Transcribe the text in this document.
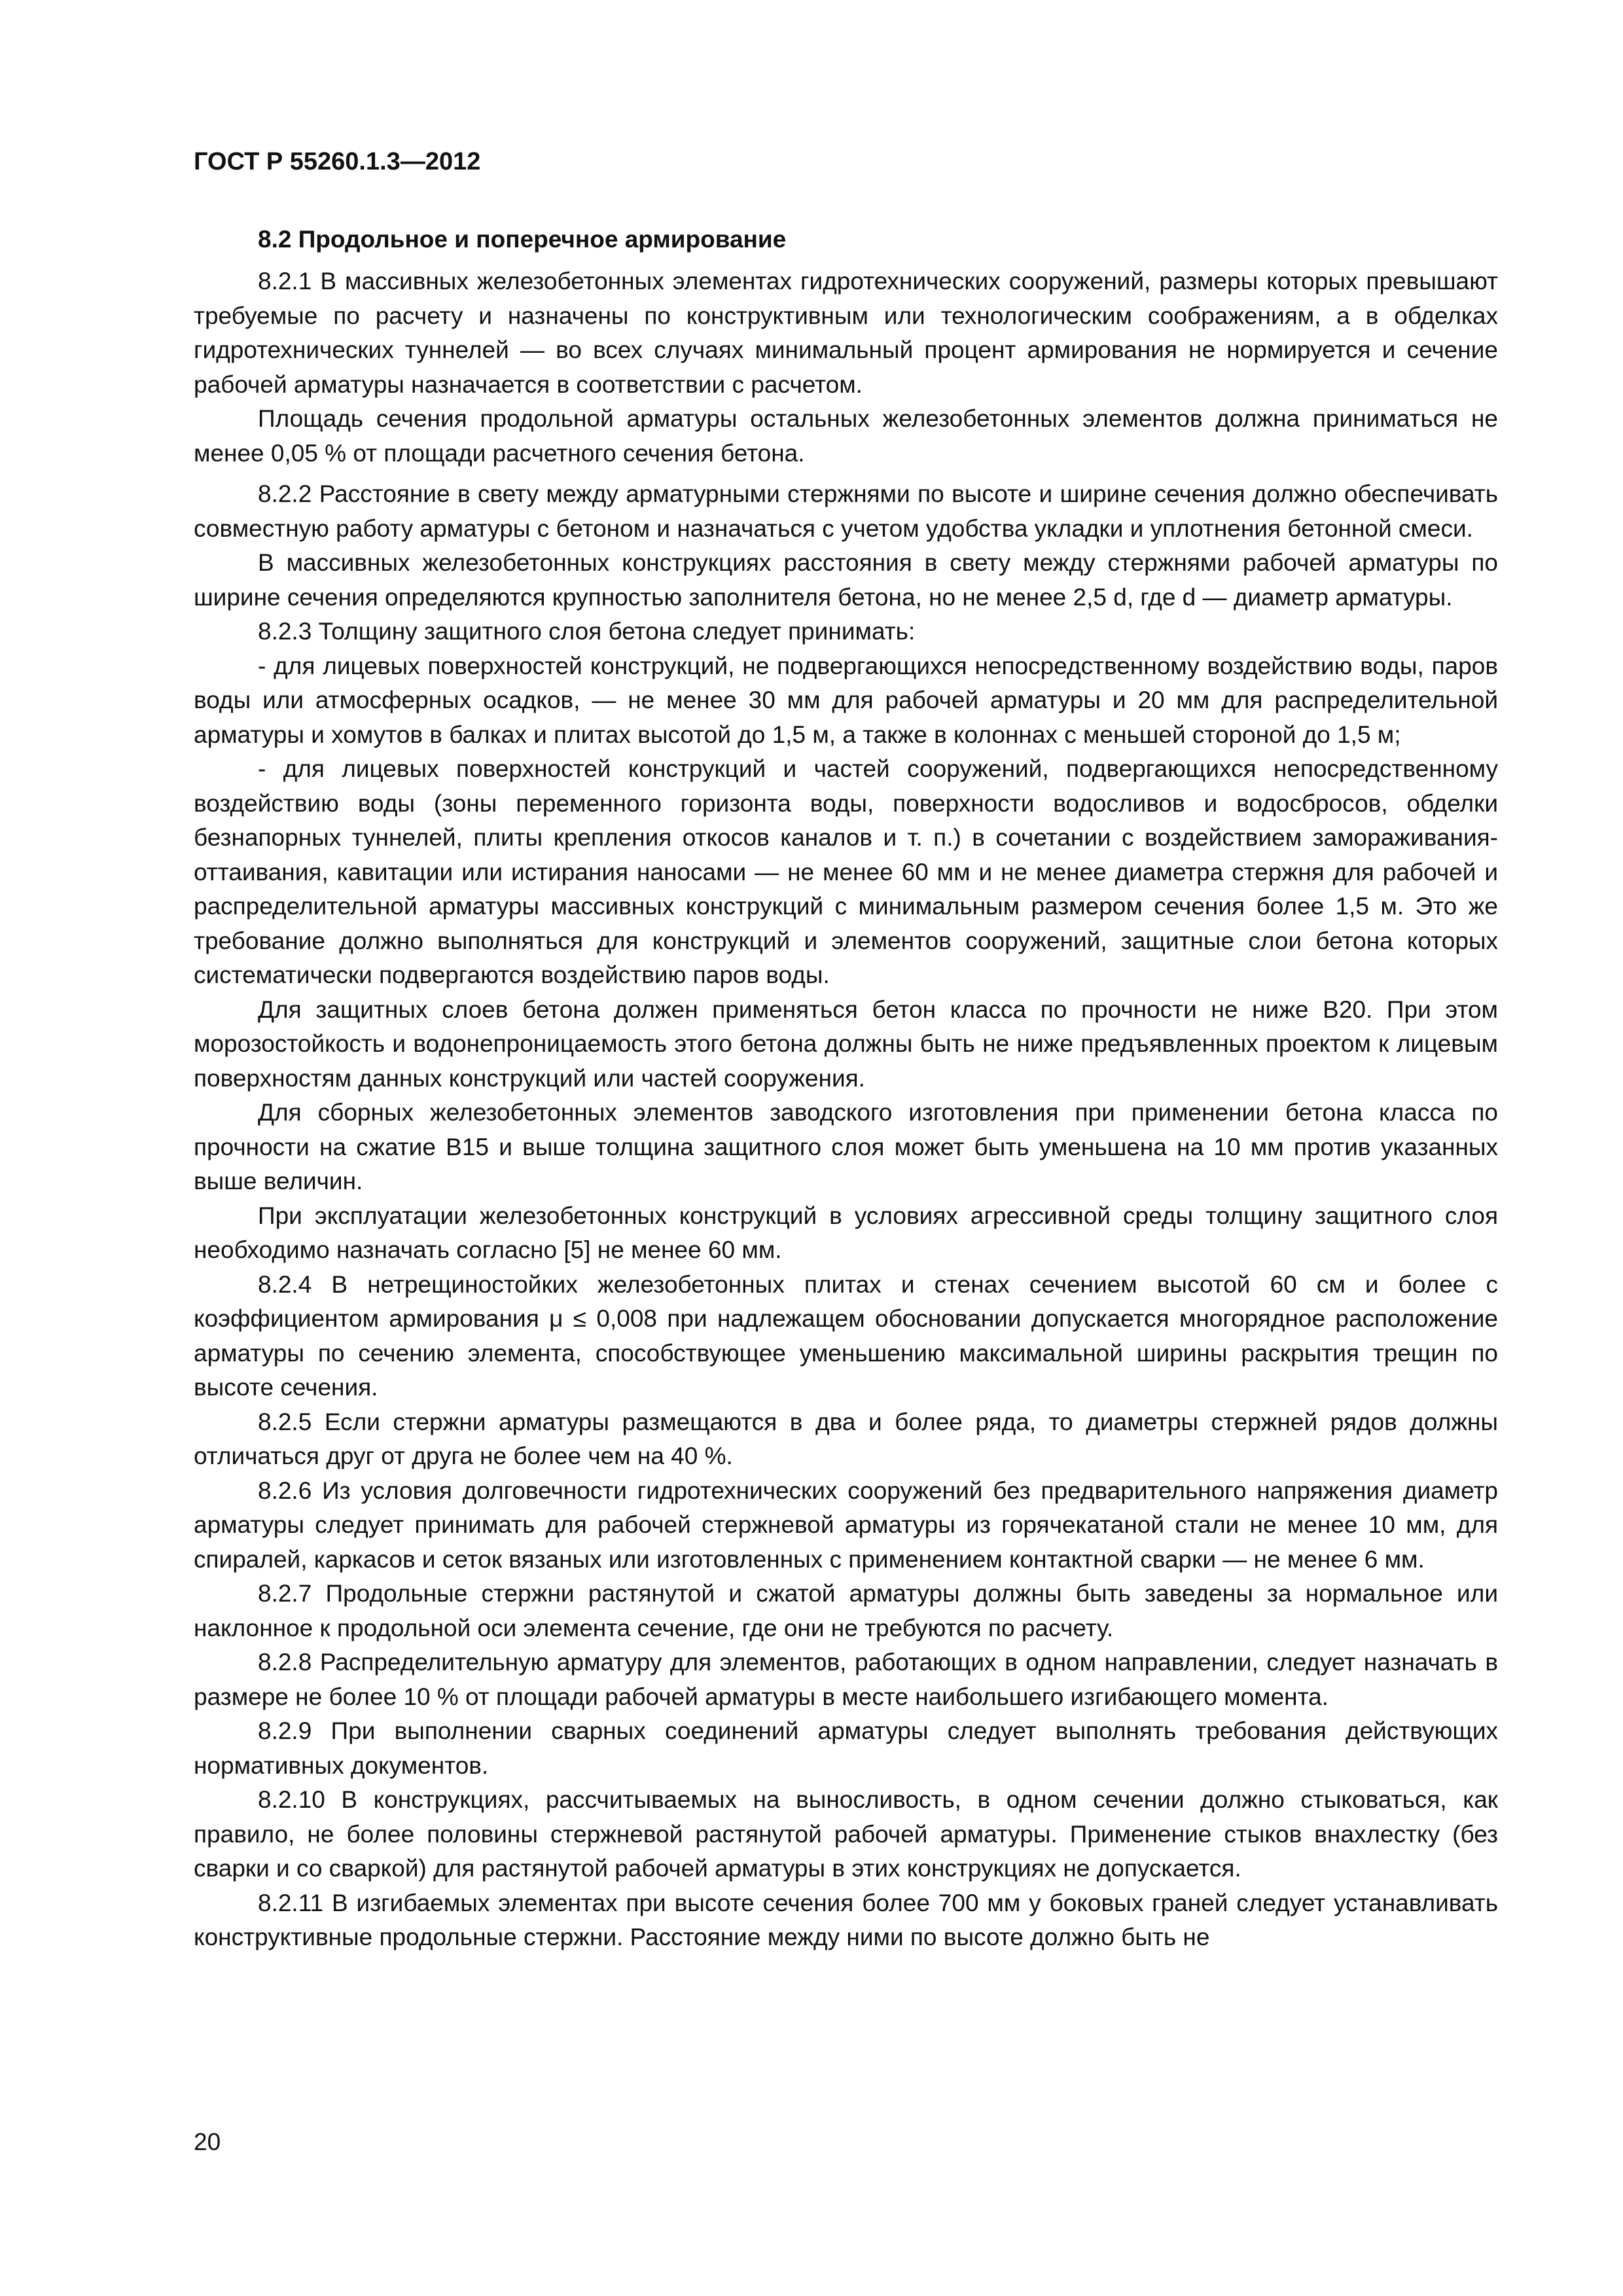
ГОСТ Р 55260.1.3—2012

8.2 Продольное и поперечное армирование

8.2.1 В массивных железобетонных элементах гидротехнических сооружений, размеры которых превышают требуемые по расчету и назначены по конструктивным или технологическим соображениям, а в обделках гидротехнических туннелей — во всех случаях минимальный процент армирования не нормируется и сечение рабочей арматуры назначается в соответствии с расчетом.

Площадь сечения продольной арматуры остальных железобетонных элементов должна приниматься не менее 0,05 % от площади расчетного сечения бетона.

8.2.2 Расстояние в свету между арматурными стержнями по высоте и ширине сечения должно обеспечивать совместную работу арматуры с бетоном и назначаться с учетом удобства укладки и уплотнения бетонной смеси.

В массивных железобетонных конструкциях расстояния в свету между стержнями рабочей арматуры по ширине сечения определяются крупностью заполнителя бетона, но не менее 2,5 d, где d — диаметр арматуры.

8.2.3 Толщину защитного слоя бетона следует принимать:

- для лицевых поверхностей конструкций, не подвергающихся непосредственному воздействию воды, паров воды или атмосферных осадков, — не менее 30 мм для рабочей арматуры и 20 мм для распределительной арматуры и хомутов в балках и плитах высотой до 1,5 м, а также в колоннах с меньшей стороной до 1,5 м;

- для лицевых поверхностей конструкций и частей сооружений, подвергающихся непосредственному воздействию воды (зоны переменного горизонта воды, поверхности водосливов и водосбросов, обделки безнапорных туннелей, плиты крепления откосов каналов и т. п.) в сочетании с воздействием замораживания-оттаивания, кавитации или истирания наносами — не менее 60 мм и не менее диаметра стержня для рабочей и распределительной арматуры массивных конструкций с минимальным размером сечения более 1,5 м. Это же требование должно выполняться для конструкций и элементов сооружений, защитные слои бетона которых систематически подвергаются воздействию паров воды.

Для защитных слоев бетона должен применяться бетон класса по прочности не ниже В20. При этом морозостойкость и водонепроницаемость этого бетона должны быть не ниже предъявленных проектом к лицевым поверхностям данных конструкций или частей сооружения.

Для сборных железобетонных элементов заводского изготовления при применении бетона класса по прочности на сжатие В15 и выше толщина защитного слоя может быть уменьшена на 10 мм против указанных выше величин.

При эксплуатации железобетонных конструкций в условиях агрессивной среды толщину защитного слоя необходимо назначать согласно [5] не менее 60 мм.

8.2.4 В нетрещиностойких железобетонных плитах и стенах сечением высотой 60 см и более с коэффициентом армирования μ ≤ 0,008 при надлежащем обосновании допускается многорядное расположение арматуры по сечению элемента, способствующее уменьшению максимальной ширины раскрытия трещин по высоте сечения.

8.2.5 Если стержни арматуры размещаются в два и более ряда, то диаметры стержней рядов должны отличаться друг от друга не более чем на 40 %.

8.2.6 Из условия долговечности гидротехнических сооружений без предварительного напряжения диаметр арматуры следует принимать для рабочей стержневой арматуры из горячекатаной стали не менее 10 мм, для спиралей, каркасов и сеток вязаных или изготовленных с применением контактной сварки — не менее 6 мм.

8.2.7 Продольные стержни растянутой и сжатой арматуры должны быть заведены за нормальное или наклонное к продольной оси элемента сечение, где они не требуются по расчету.

8.2.8 Распределительную арматуру для элементов, работающих в одном направлении, следует назначать в размере не более 10 % от площади рабочей арматуры в месте наибольшего изгибающего момента.

8.2.9 При выполнении сварных соединений арматуры следует выполнять требования действующих нормативных документов.

8.2.10 В конструкциях, рассчитываемых на выносливость, в одном сечении должно стыковаться, как правило, не более половины стержневой растянутой рабочей арматуры. Применение стыков внахлестку (без сварки и со сваркой) для растянутой рабочей арматуры в этих конструкциях не допускается.

8.2.11 В изгибаемых элементах при высоте сечения более 700 мм у боковых граней следует устанавливать конструктивные продольные стержни. Расстояние между ними по высоте должно быть не

20
